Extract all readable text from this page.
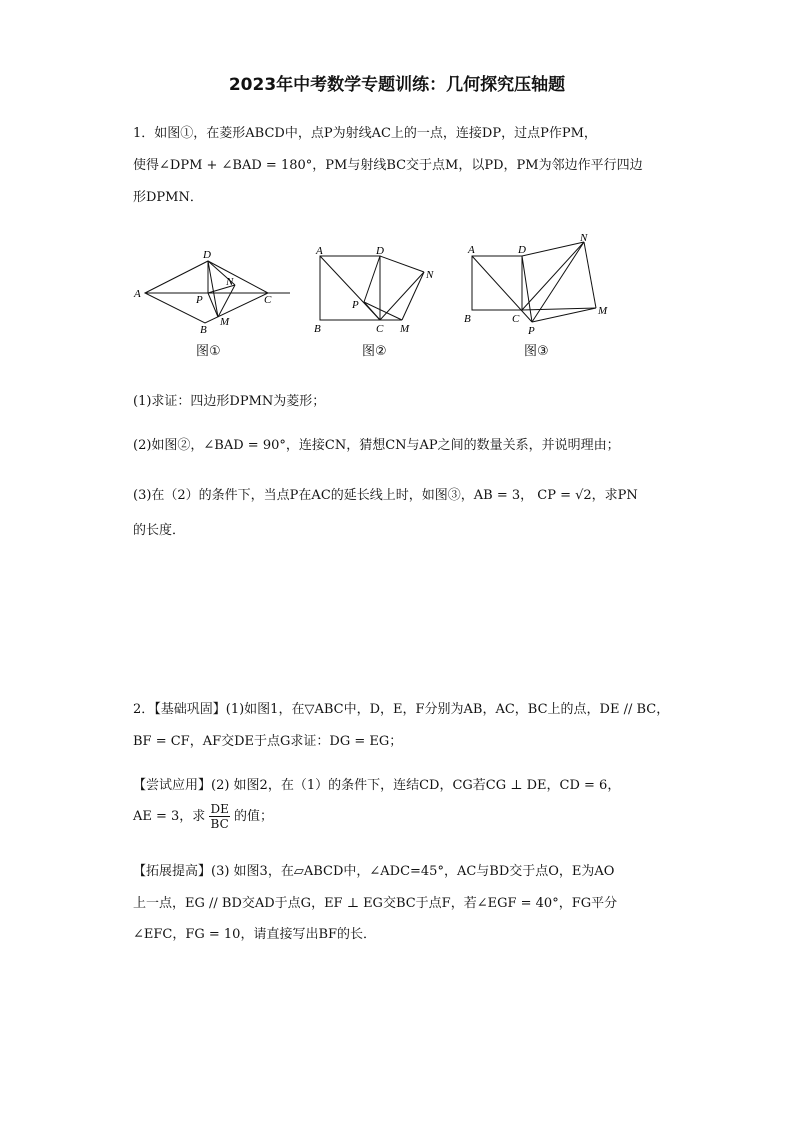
2023年中考数学专题训练：几何探究压轴题
1．如图①，在菱形ABCD中，点P为射线AC上的一点，连接DP，过点P作PM，
使得∠DPM + ∠BAD = 180°，PM与射线BC交于点M，以PD，PM为邻边作平行四边
形DPMN．
D
N
A	P	C
B
M
图①
A	D
N
P
B	C M
图②
A	D
N
B	C
P
M
图③
(1)求证：四边形DPMN为菱形；
(2)如图②，∠BAD = 90°，连接CN，猜想CN与AP之间的数量关系，并说明理由；
(3)在（2）的条件下，当点P在AC的延长线上时，如图③，AB = 3， CP = √2，求PN
的长度．
2．【基础巩固】(1)如图1，在▽ABC中，D，E，F分别为AB，AC，BC上的点，DE // BC，
BF = CF，AF交DE于点G求证：DG = EG；
【尝试应用】(2) 如图2，在（1）的条件下，连结CD，CG若CG ⊥ DE，CD = 6，
AE = 3，求 $\frac{DE}{BC}$ 的值；
【拓展提高】(3) 如图3，在▱ABCD中，∠ADC=45°，AC与BD交于点O，E为AO
上一点，EG // BD交AD于点G，EF ⊥ EG交BC于点F，若∠EGF = 40°，FG平分
∠EFC，FG = 10，请直接写出BF的长．
